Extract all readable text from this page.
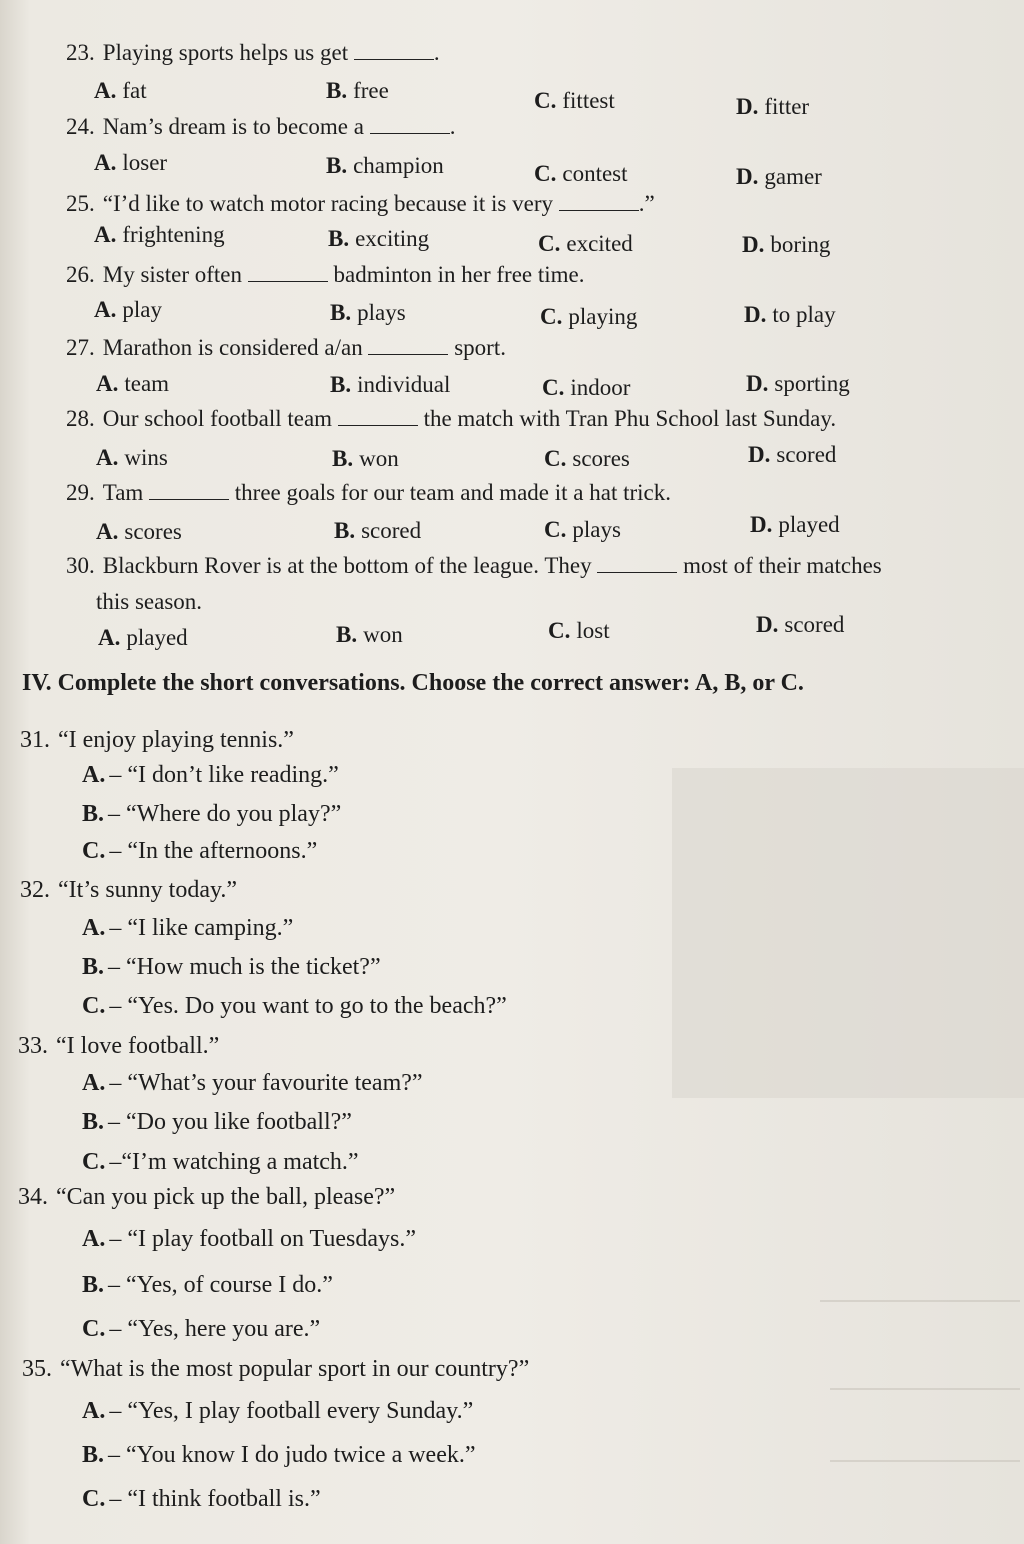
23. Playing sports helps us get	.
A. fat	B. free	C. fittest	D. fitter
24. Nam’s dream is to become a	.
A. loser	B. champion	C. contest	D. gamer
25. “I’d like to watch motor racing because it is very	.”
A. frightening	B. exciting	C. excited	D. boring
26. My sister often	badminton in her free time.
A. play	B. plays	C. playing	D. to play
27. Marathon is considered a/an	sport.
A. team	B. individual	C. indoor	D. sporting
28. Our school football team	the match with Tran Phu School last Sunday.
A. wins	B. won	C. scores	D. scored
29. Tam	three goals for our team and made it a hat trick.
A. scores	B. scored	C. plays	D. played
30. Blackburn Rover is at the bottom of the league. They	most of their matches
this season.
A. played	B. won	C. lost	D. scored
IV. Complete the short conversations. Choose the correct answer: A, B, or C.
31. “I enjoy playing tennis.”
A. – “I don’t like reading.”
B. – “Where do you play?”
C. – “In the afternoons.”
32. “It’s sunny today.”
A. – “I like camping.”
B. – “How much is the ticket?”
C. – “Yes. Do you want to go to the beach?”
33. “I love football.”
A. – “What’s your favourite team?”
B. – “Do you like football?”
C. –“I’m watching a match.”
34. “Can you pick up the ball, please?”
A. – “I play football on Tuesdays.”
B. – “Yes, of course I do.”
C. – “Yes, here you are.”
35. “What is the most popular sport in our country?”
A. – “Yes, I play football every Sunday.”
B. – “You know I do judo twice a week.”
C. – “I think football is.”
